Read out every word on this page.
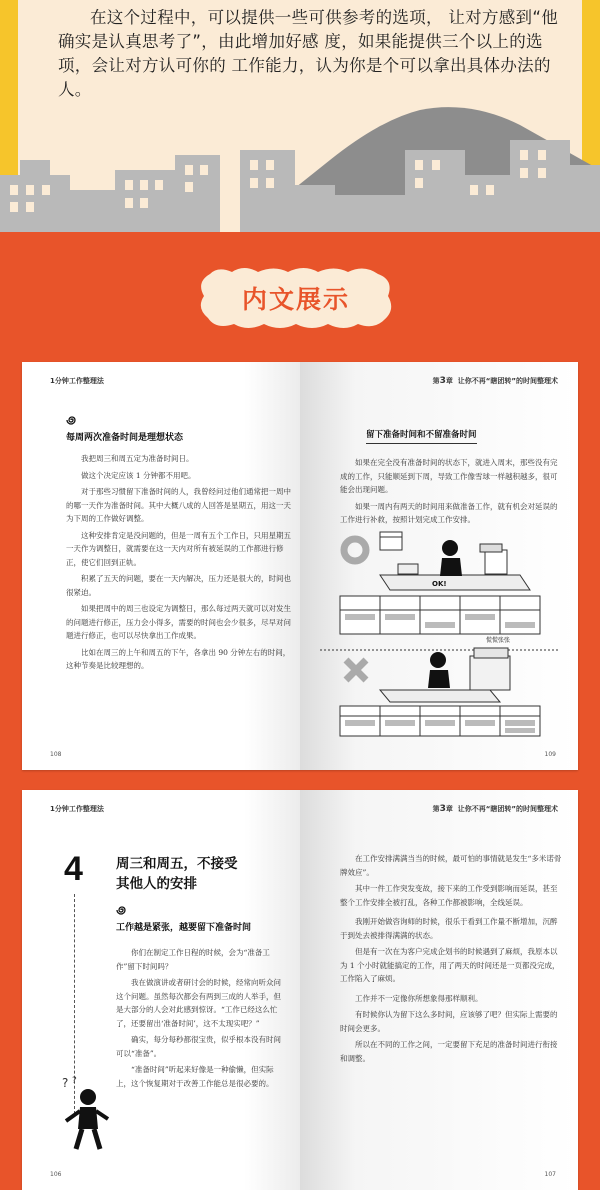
在这个过程中，可以提供一些可供参考的选项， 让对方感到“他确实是认真思考了”，由此增加好感 度，如果能提供三个以上的选项，会让对方认可你的 工作能力，认为你是个可以拿出具体办法的人。

内文展示
1分钟工作整理法
每周两次准备时间是理想状态

我把周三和周五定为准备时间日。

做这个决定应该 1 分钟都不用吧。

对于那些习惯留下准备时间的人，我曾经问过他们通常把一周中的哪一天作为准备时间。其中大概八成的人回答是星期五，用这一天为下周的工作做好调整。

这种安排肯定是没问题的，但是一周有五个工作日，只用星期五一天作为调整日，就需要在这一天内对所有被延误的工作都进行修正，使它们回到正轨。

积累了五天的问题，要在一天内解决，压力还是很大的，时间也很紧迫。

如果把周中的周三也设定为调整日，那么每过两天就可以对发生的问题进行修正，压力会小得多，需要的时间也会少很多，尽早对问题进行修正，也可以尽快拿出工作成果。

比如在周三的上午和周五的下午，各拿出 90 分钟左右的时间，这种节奏是比较理想的。

108
第3章 让你不再“瞎团转”的时间整理术
留下准备时间和不留准备时间

如果在完全没有准备时间的状态下，就进入周末，那些没有完成的工作，只能顺延到下周，导致工作像雪球一样越积越多，很可能会出现问题。

如果一周内有两天的时间用来做准备工作，就有机会对延误的工作进行补救，按照计划完成工作安排。

OK!
慌慌张张
109
1分钟工作整理法
4 周三和周五，不接受
其他人的安排
工作越是紧张，越要留下准备时间

你们在制定工作日程的时候，会为“准备工作”留下时间吗？

我在做演讲或者研讨会的时候，经常向听众问这个问题。虽然每次都会有两到三成的人举手，但是大部分的人会对此感到惊讶。“工作已经这么忙了，还要留出‘准备时间’，这不太现实吧？”

确实，每分每秒都很宝贵，似乎根本没有时间可以“准备”。

“准备时间”听起来好像是一种偷懒，但实际上，这个恢复期对于改善工作能总是很必要的。

? ?
106
第3章 让你不再“瞎团转”的时间整理术

在工作安排满满当当的时候，最可怕的事情就是发生“多米诺骨牌效应”。

其中一件工作突发变故，接下来的工作受到影响而延误，甚至整个工作安排全被打乱，各种工作都被影响，全线延误。

我刚开始做咨询师的时候，很乐于看到工作量不断增加，沉醉于到处去被排得满满的状态。

但是有一次在为客户完成企划书的时候遇到了麻烦，我原本以为 1 个小时就能搞定的工作，用了两天的时间还是一页都没完成，工作陷入了麻烦。

工作并不一定像你所想象得那样顺利。

有时候你认为留下这么多时间，应该够了吧？但实际上需要的时间会更多。

所以在不同的工作之间，一定要留下充足的准备时间进行衔接和调整。

107
